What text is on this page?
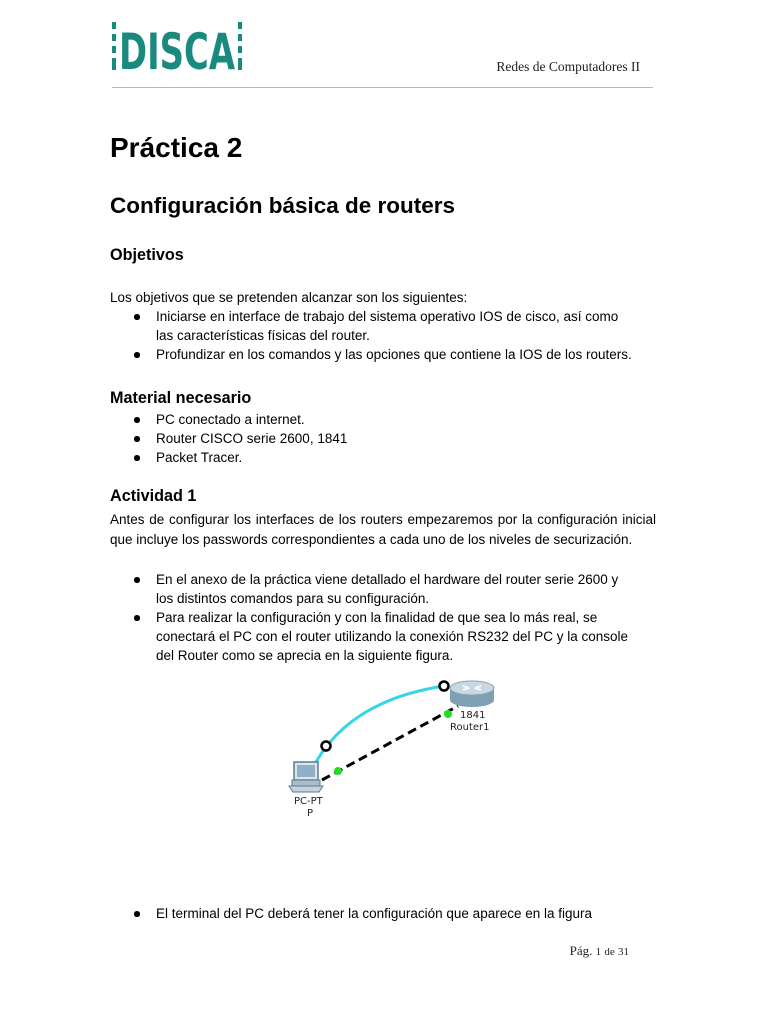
DISCA	Redes de Computadores II
Práctica 2
Configuración básica de routers
Objetivos

Los objetivos que se pretenden alcanzar son los siguientes:

Iniciarse en interface de trabajo del sistema operativo IOS de cisco, así como
las características físicas del router.
Profundizar en los comandos y las opciones que contiene la IOS de los routers.
Material necesario
PC conectado a internet.
Router CISCO serie 2600, 1841
Packet Tracer.
Actividad 1

Antes de configurar los interfaces de los routers empezaremos por la configuración inicial que incluye los passwords correspondientes a cada uno de los niveles de securización.

En el anexo de la práctica viene detallado el hardware del router serie 2600 y
los distintos comandos para su configuración.
Para realizar la configuración y con la finalidad de que sea lo más real, se
conectará el PC con el router utilizando la conexión RS232 del PC y la console
del Router como se aprecia en la siguiente figura.
1841
Router1
PC-PT
P
El terminal del PC deberá tener la configuración que aparece en la figura
Pág. 1 de 31
